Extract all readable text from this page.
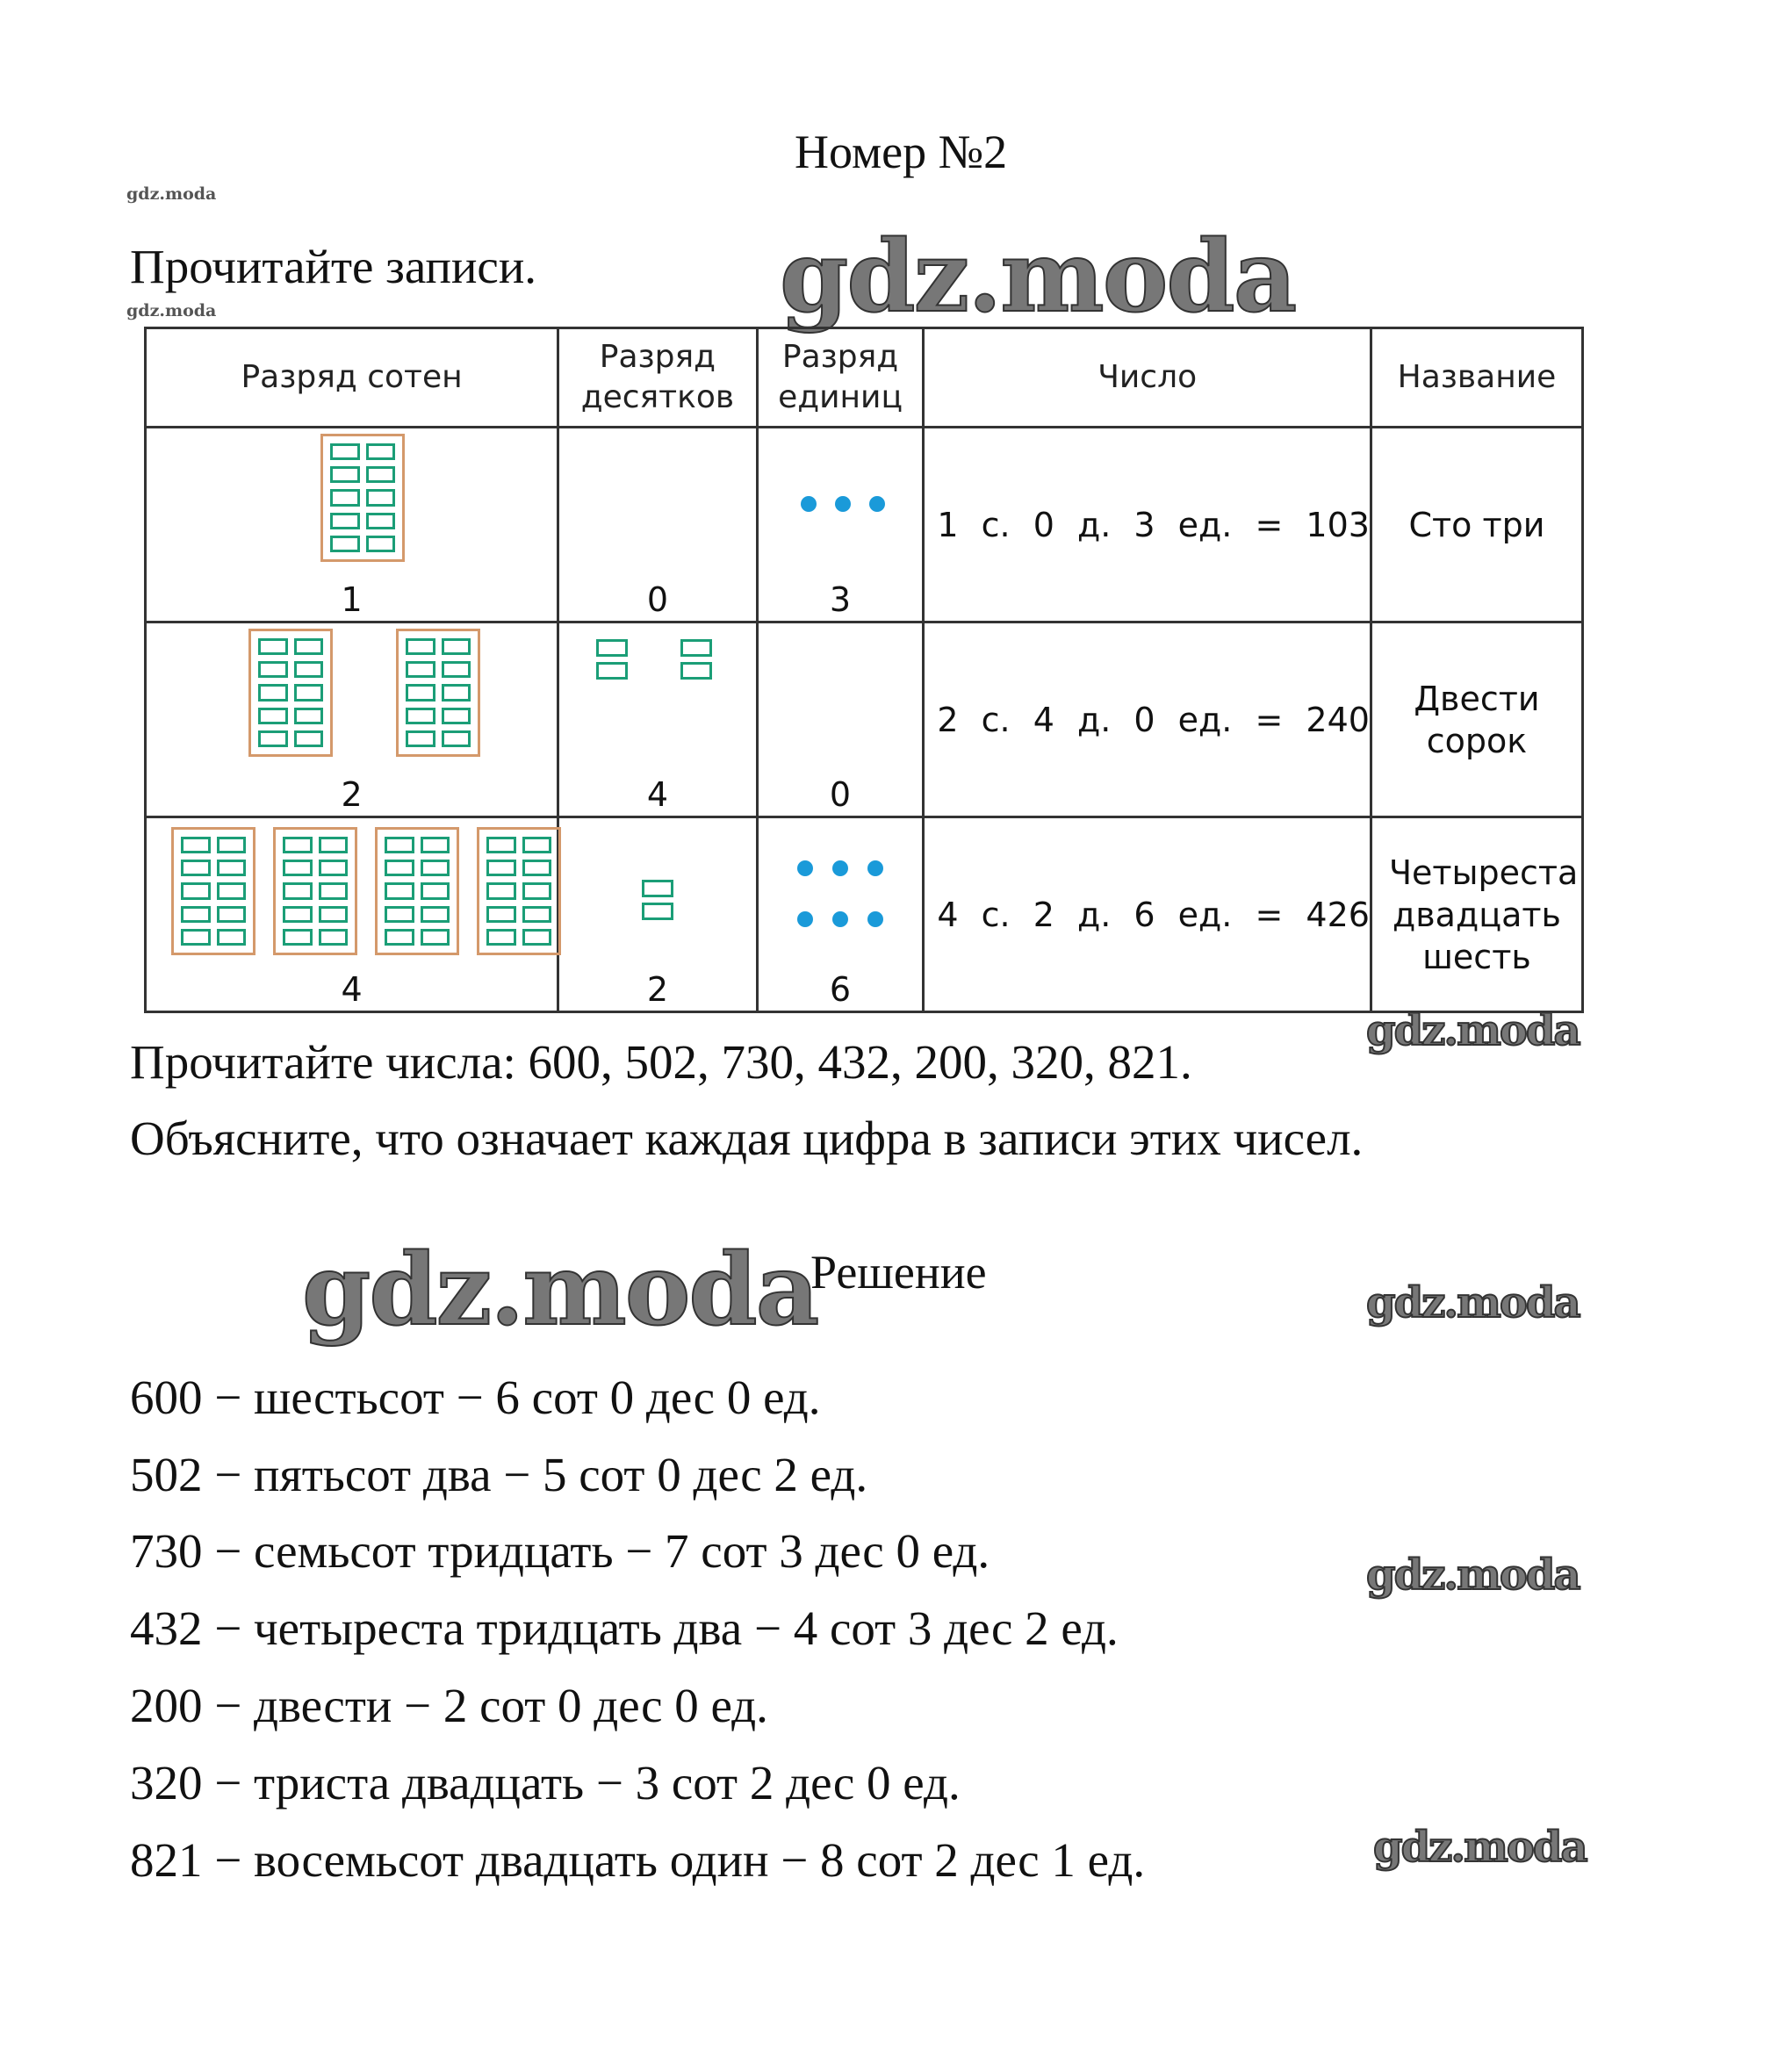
Номер №2
gdz.moda
gdz.moda
Прочитайте записи. gdz.moda
Разряд сотен	Разряд десятков	Разряд единиц	Число	Название

1	0	3	1 с. 0 д. 3 ед. = 103	Сто три

2	4	0	2 с. 4 д. 0 ед. = 240	Двести сорок

4	2	6	4 с. 2 д. 6 ед. = 426	Четыреста двадцать шесть
gdz.moda
Прочитайте числа: 600, 502, 730, 432, 200, 320, 821.
Объясните, что означает каждая цифра в записи этих чисел.
gdz.moda
Решение
gdz.moda
600 − шестьсот − 6 сот 0 дес 0 ед.
502 − пятьсот два − 5 сот 0 дес 2 ед.
730 − семьсот тридцать − 7 сот 3 дес 0 ед.
432 − четыреста тридцать два − 4 сот 3 дес 2 ед.
200 − двести − 2 сот 0 дес 0 ед.
320 − триста двадцать − 3 сот 2 дес 0 ед.
821 − восемьсот двадцать один − 8 сот 2 дес 1 ед.
gdz.moda
gdz.moda
